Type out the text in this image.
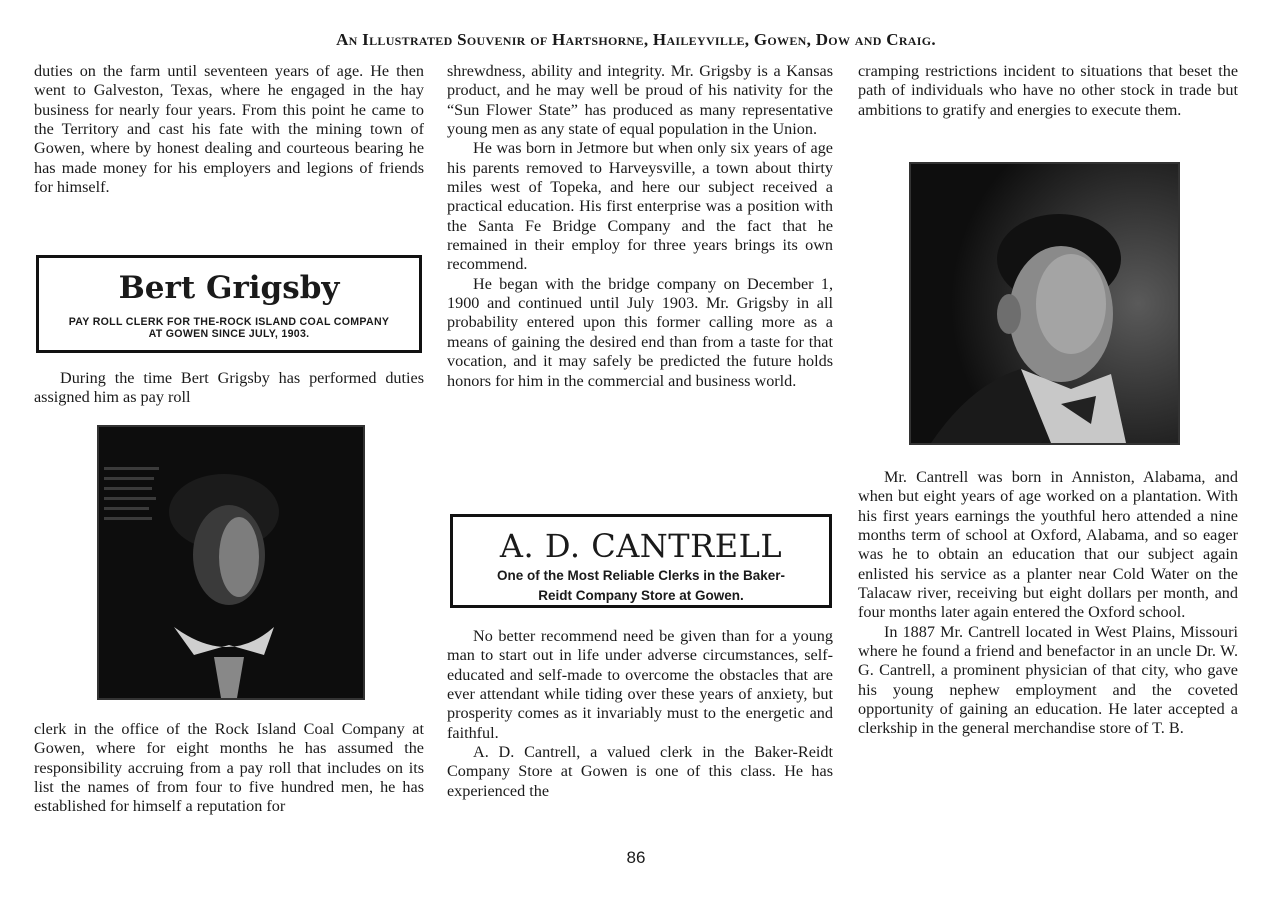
An Illustrated Souvenir of Hartshorne, Haileyville, Gowen, Dow and Craig.

duties on the farm until seventeen years of age. He then went to Galveston, Texas, where he engaged in the hay business for nearly four years. From this point he came to the Territory and cast his fate with the mining town of Gowen, where by honest dealing and courteous bearing he has made money for his employers and legions of friends for himself.

Bert Grigsby
PAY ROLL CLERK FOR THE-ROCK ISLAND COAL COMPANY
AT GOWEN SINCE JULY, 1903.
During the time Bert Grigsby has performed duties assigned him as pay roll
clerk in the office of the Rock Island Coal Company at Gowen, where for eight months he has assumed the responsibility accruing from a pay roll that includes on its list the names of from four to five hundred men, he has established for himself a reputation for

shrewdness, ability and integrity. Mr. Grigsby is a Kansas product, and he may well be proud of his nativity for the “Sun Flower State” has produced as many representative young men as any state of equal population in the Union.

He was born in Jetmore but when only six years of age his parents removed to Harveysville, a town about thirty miles west of Topeka, and here our subject received a practical education. His first enterprise was a position with the Santa Fe Bridge Company and the fact that he remained in their employ for three years brings its own recommend.

He began with the bridge company on December 1, 1900 and continued until July 1903. Mr. Grigsby in all probability entered upon this former calling more as a means of gaining the desired end than from a taste for that vocation, and it may safely be predicted the future holds honors for him in the commercial and business world.

A. D. CANTRELL
One of the Most Reliable Clerks in the Baker-
Reidt Company Store at Gowen.

No better recommend need be given than for a young man to start out in life under adverse circumstances, self-educated and self-made to overcome the obstacles that are ever attendant while tiding over these years of anxiety, but prosperity comes as it invariably must to the energetic and faithful.

A. D. Cantrell, a valued clerk in the Baker-Reidt Company Store at Gowen is one of this class. He has experienced the

cramping restrictions incident to situations that beset the path of individuals who have no other stock in trade but ambitions to gratify and energies to execute them.

Mr. Cantrell was born in Anniston, Alabama, and when but eight years of age worked on a plantation. With his first years earnings the youthful hero attended a nine months term of school at Oxford, Alabama, and so eager was he to obtain an education that our subject again enlisted his service as a planter near Cold Water on the Talacaw river, receiving but eight dollars per month, and four months later again entered the Oxford school.

In 1887 Mr. Cantrell located in West Plains, Missouri where he found a friend and benefactor in an uncle Dr. W. G. Cantrell, a prominent physician of that city, who gave his young nephew employment and the coveted opportunity of gaining an education. He later accepted a clerkship in the general merchandise store of T. B.

86
